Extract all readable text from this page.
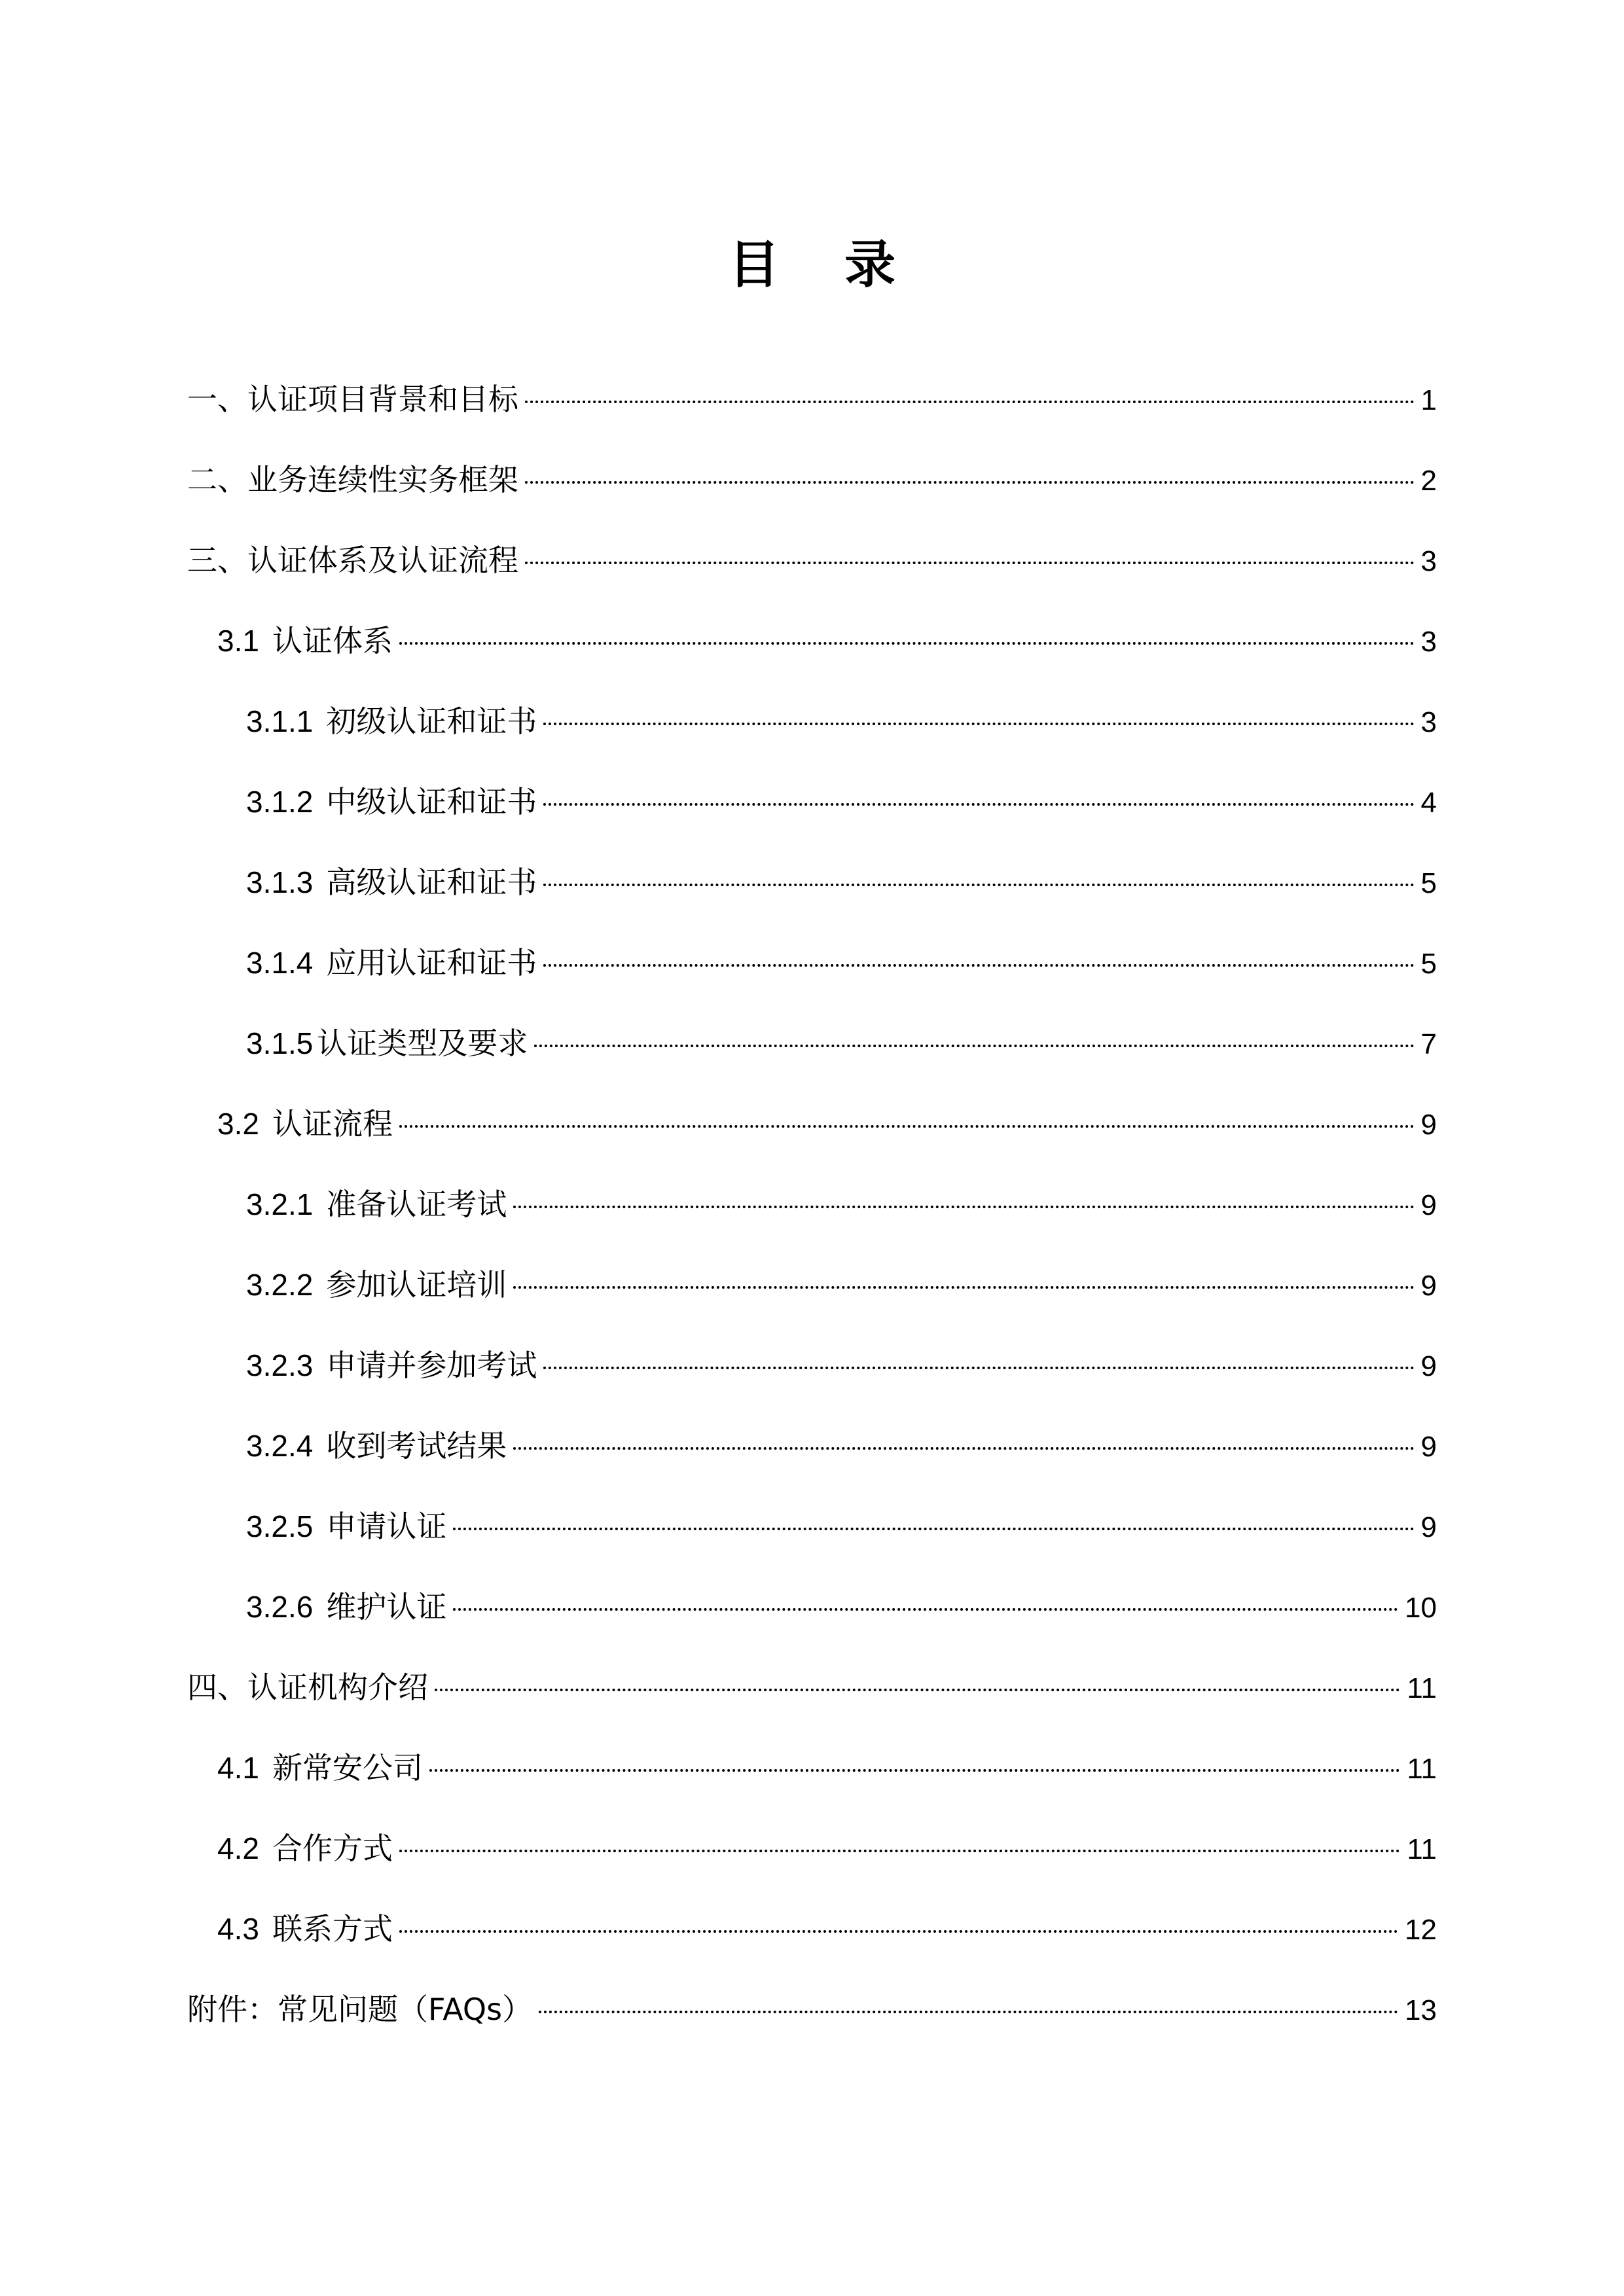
目 录
一、认证项目背景和目标	1
二、业务连续性实务框架	2
三、认证体系及认证流程	3
3.1 认证体系	3
3.1.1 初级认证和证书	3
3.1.2 中级认证和证书	4
3.1.3 高级认证和证书	5
3.1.4 应用认证和证书	5
3.1.5 认证类型及要求	7
3.2 认证流程	9
3.2.1 准备认证考试	9
3.2.2 参加认证培训	9
3.2.3 申请并参加考试	9
3.2.4 收到考试结果	9
3.2.5 申请认证	9
3.2.6 维护认证	10
四、认证机构介绍	11
4.1 新常安公司	11
4.2 合作方式	11
4.3 联系方式	12
附件：常见问题（FAQs）	13
